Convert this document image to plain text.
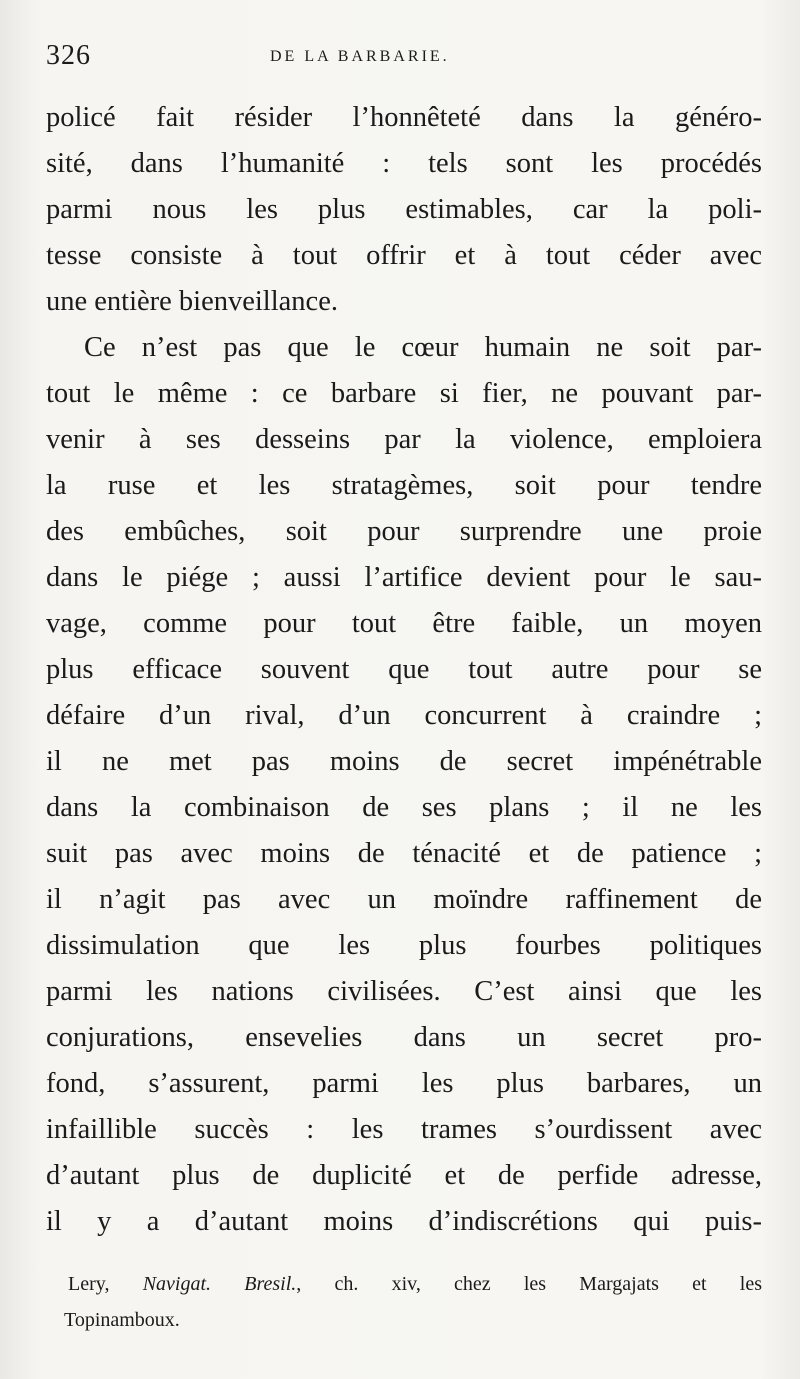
326	DE LA BARBARIE.
policé fait résider l’honnêteté dans la généro-
sité, dans l’humanité : tels sont les procédés
parmi nous les plus estimables, car la poli-
tesse consiste à tout offrir et à tout céder avec
une entière bienveillance.
Ce n’est pas que le cœur humain ne soit par-
tout le même : ce barbare si fier, ne pouvant par-
venir à ses desseins par la violence, emploiera
la ruse et les stratagèmes, soit pour tendre
des embûches, soit pour surprendre une proie
dans le piége ; aussi l’artifice devient pour le sau-
vage, comme pour tout être faible, un moyen
plus efficace souvent que tout autre pour se
défaire d’un rival, d’un concurrent à craindre ;
il ne met pas moins de secret impénétrable
dans la combinaison de ses plans ; il ne les
suit pas avec moins de ténacité et de patience ;
il n’agit pas avec un moïndre raffinement de
dissimulation que les plus fourbes politiques
parmi les nations civilisées. C’est ainsi que les
conjurations, ensevelies dans un secret pro-
fond, s’assurent, parmi les plus barbares, un
infaillible succès : les trames s’ourdissent avec
d’autant plus de duplicité et de perfide adresse,
il y a d’autant moins d’indiscrétions qui puis-
Lery, Navigat. Bresil., ch. xiv, chez les Margajats et les
Topinamboux.
